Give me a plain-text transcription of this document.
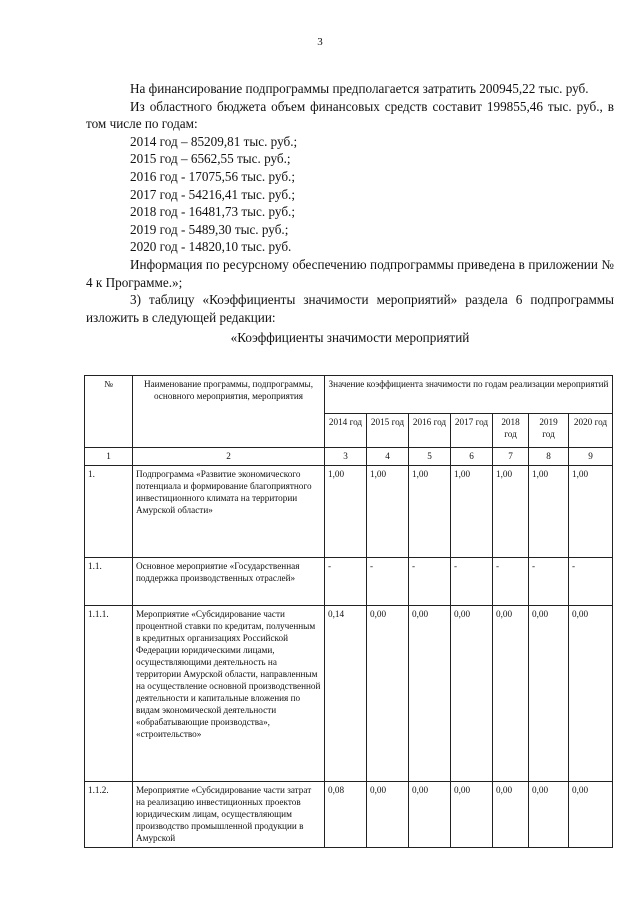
3

На финансирование подпрограммы предполагается затратить 200945,22 тыс. руб.

Из областного бюджета объем финансовых средств составит 199855,46 тыс. руб., в том числе по годам:

2014 год – 85209,81 тыс. руб.;

2015 год – 6562,55 тыс. руб.;

2016 год - 17075,56 тыс. руб.;

2017 год - 54216,41 тыс. руб.;

2018 год - 16481,73 тыс. руб.;

2019 год - 5489,30 тыс. руб.;

2020 год - 14820,10 тыс. руб.

Информация по ресурсному обеспечению подпрограммы приведена в приложении № 4 к Программе.»;

3) таблицу «Коэффициенты значимости мероприятий» раздела 6 подпрограммы изложить в следующей редакции:

«Коэффициенты значимости мероприятий

№	Наименование программы, подпрограммы, основного мероприятия, мероприятия	Значение коэффициента значимости по годам реализации мероприятий						
		2014 год	2015 год	2016 год	2017 год	2018 год	2019 год	2020 год
1	2	3	4	5	6	7	8	9
1.	Подпрограмма «Развитие экономического потенциала и формирование благоприятного инвестиционного климата на территории Амурской области»	1,00	1,00	1,00	1,00	1,00	1,00	1,00
1.1.	Основное мероприятие «Государственная поддержка производственных отраслей»	-	-	-	-	-	-	-
1.1.1.	Мероприятие «Субсидирование части процентной ставки по кредитам, полученным в кредитных организациях Российской Федерации юридическими лицами, осуществляющими деятельность на территории Амурской области, направленным на осуществление основной производственной деятельности и капитальные вложения по видам экономической деятельности «обрабатывающие производства», «строительство»	0,14	0,00	0,00	0,00	0,00	0,00	0,00
1.1.2.	Мероприятие «Субсидирование части затрат на реализацию инвестиционных проектов юридическим лицам, осуществляющим производство промышленной продукции в Амурской	0,08	0,00	0,00	0,00	0,00	0,00	0,00
